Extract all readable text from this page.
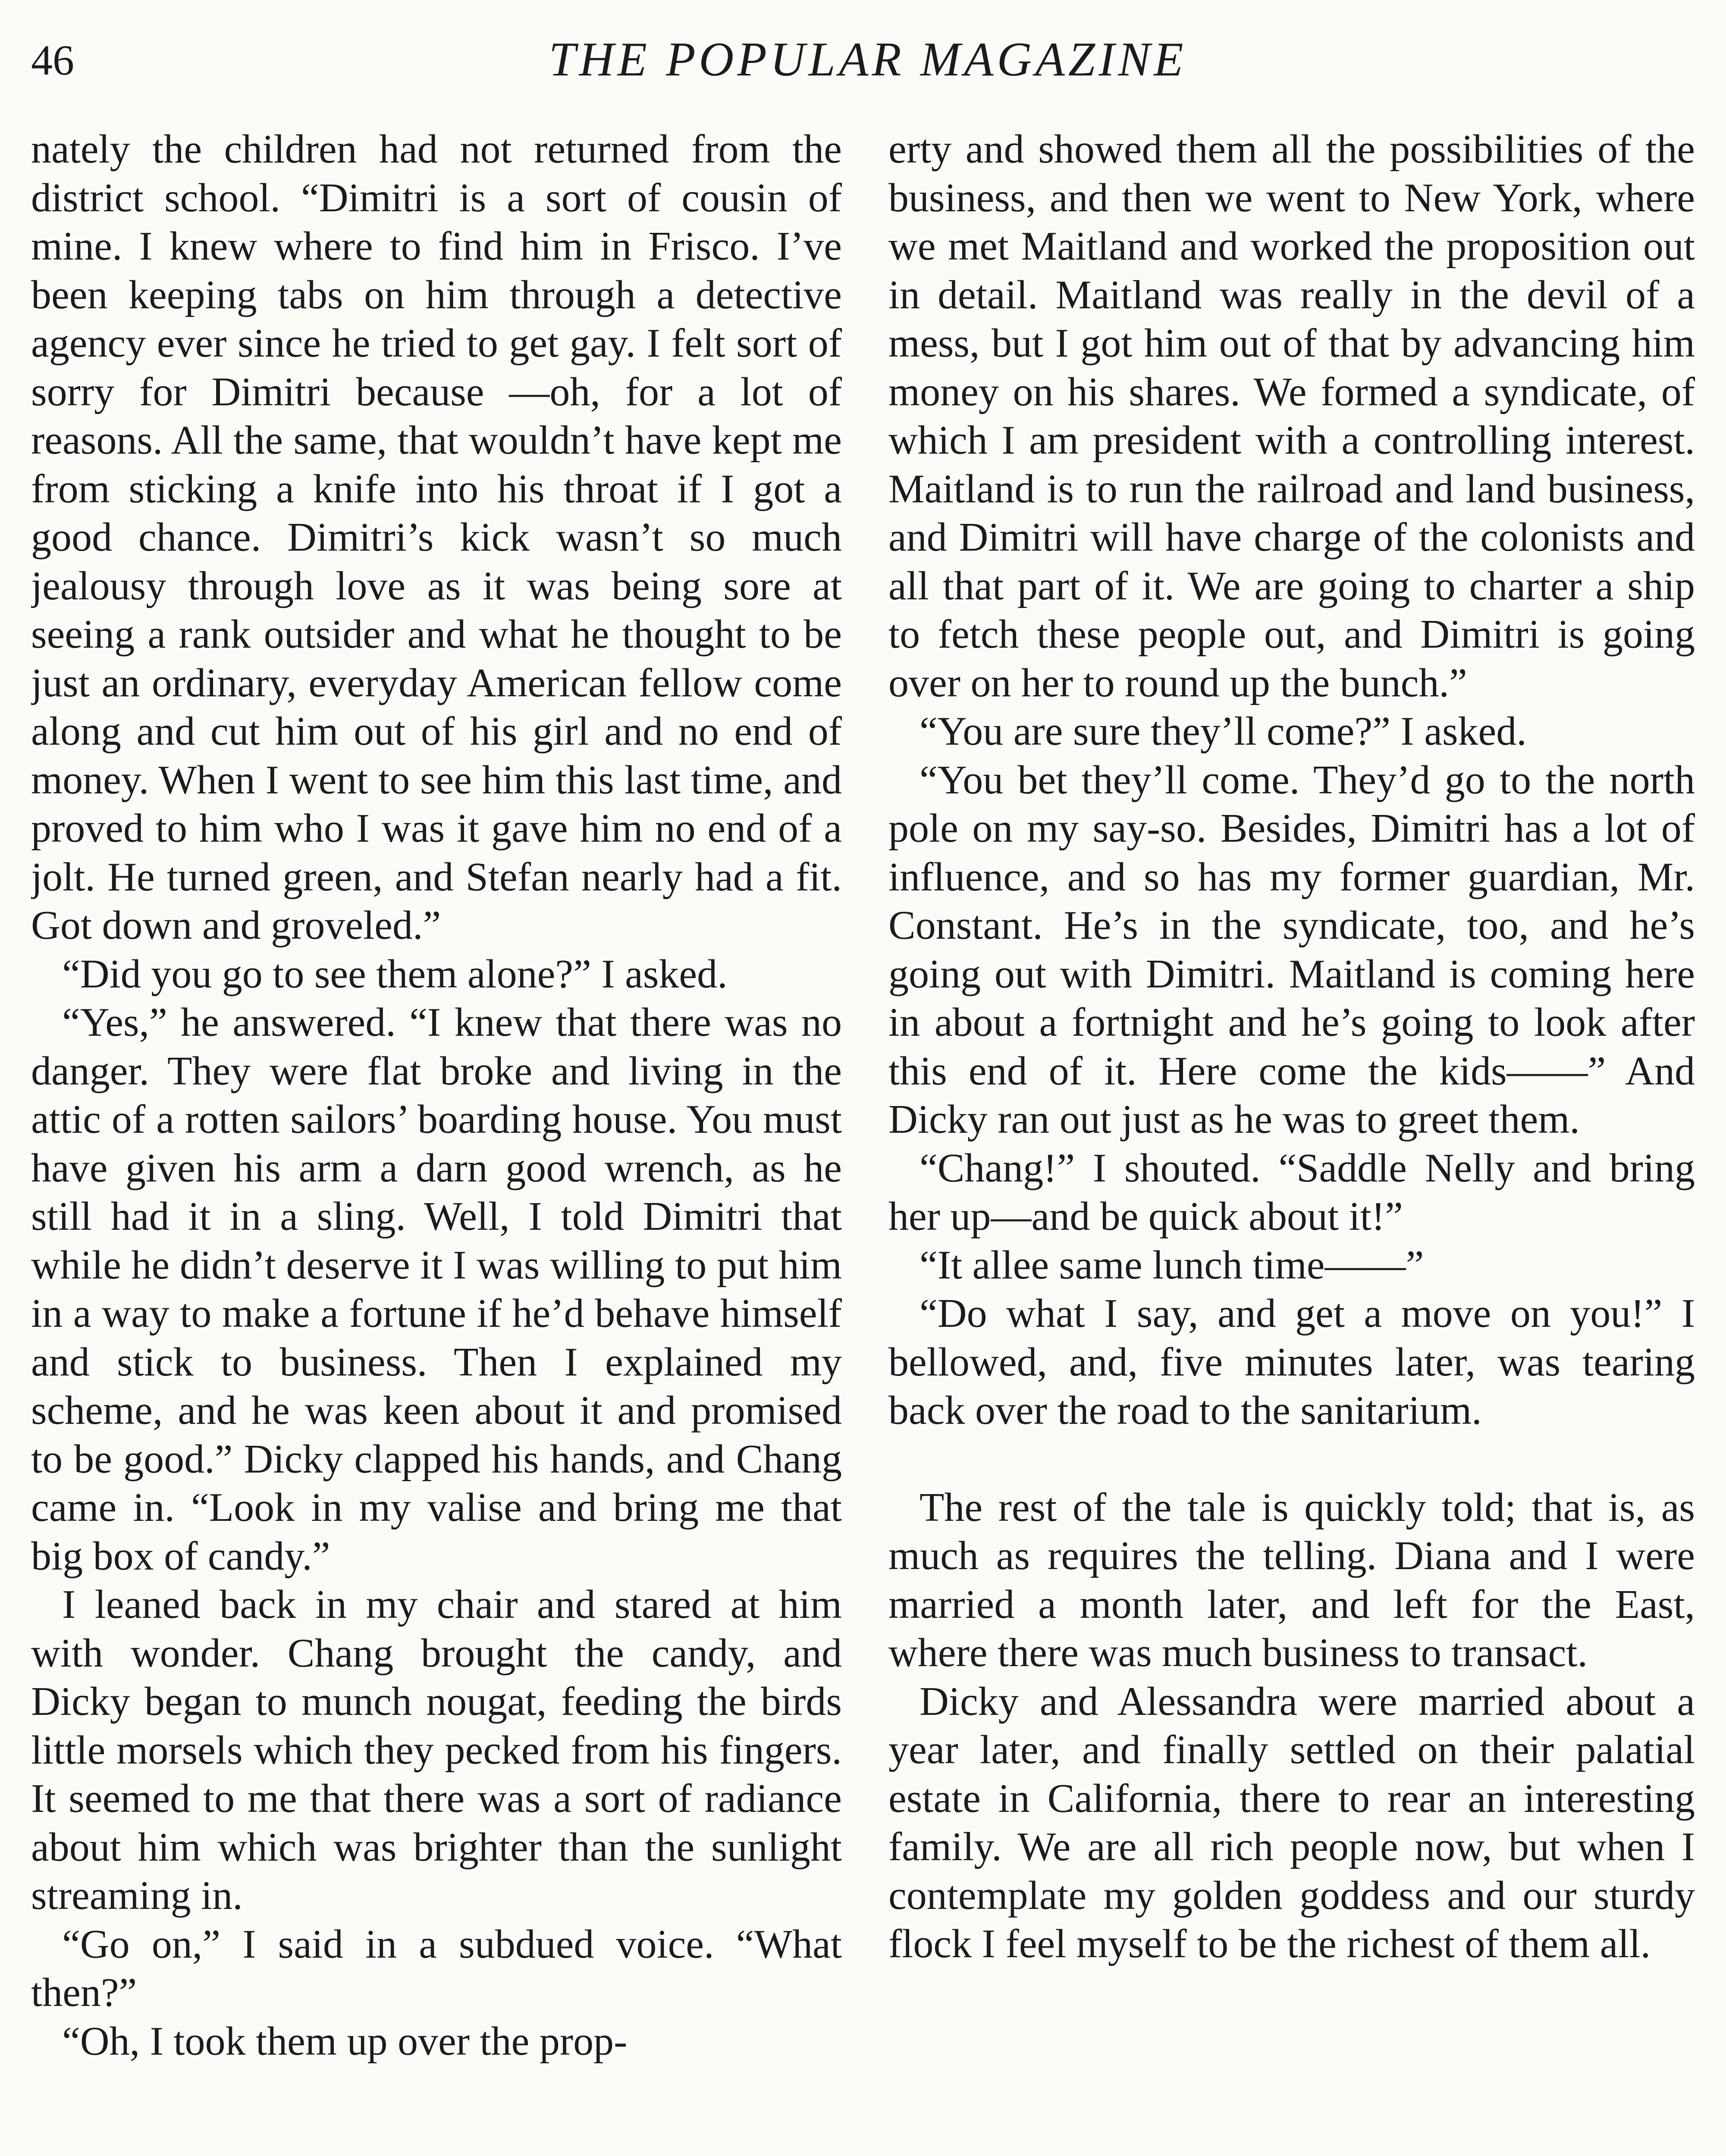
46	THE POPULAR MAGAZINE

nately the children had not returned from the district school. “Dimitri is a sort of cousin of mine. I knew where to find him in Frisco. I’ve been keeping tabs on him through a detective agency ever since he tried to get gay. I felt sort of sorry for Dimitri because —oh, for a lot of reasons. All the same, that wouldn’t have kept me from sticking a knife into his throat if I got a good chance. Dimitri’s kick wasn’t so much jealousy through love as it was being sore at seeing a rank outsider and what he thought to be just an ordinary, everyday American fellow come along and cut him out of his girl and no end of money. When I went to see him this last time, and proved to him who I was it gave him no end of a jolt. He turned green, and Stefan nearly had a fit. Got down and groveled.”

“Did you go to see them alone?” I asked.

“Yes,” he answered. “I knew that there was no danger. They were flat broke and living in the attic of a rotten sailors’ boarding house. You must have given his arm a darn good wrench, as he still had it in a sling. Well, I told Dimitri that while he didn’t deserve it I was willing to put him in a way to make a fortune if he’d behave himself and stick to business. Then I explained my scheme, and he was keen about it and promised to be good.” Dicky clapped his hands, and Chang came in. “Look in my valise and bring me that big box of candy.”

I leaned back in my chair and stared at him with wonder. Chang brought the candy, and Dicky began to munch nougat, feeding the birds little morsels which they pecked from his fingers. It seemed to me that there was a sort of radiance about him which was brighter than the sunlight streaming in.

“Go on,” I said in a subdued voice. “What then?”

“Oh, I took them up over the prop-

erty and showed them all the possibilities of the business, and then we went to New York, where we met Maitland and worked the proposition out in detail. Maitland was really in the devil of a mess, but I got him out of that by advancing him money on his shares. We formed a syndicate, of which I am president with a controlling interest. Maitland is to run the railroad and land business, and Dimitri will have charge of the colonists and all that part of it. We are going to charter a ship to fetch these people out, and Dimitri is going over on her to round up the bunch.”

“You are sure they’ll come?” I asked.

“You bet they’ll come. They’d go to the north pole on my say-so. Besides, Dimitri has a lot of influence, and so has my former guardian, Mr. Constant. He’s in the syndicate, too, and he’s going out with Dimitri. Maitland is coming here in about a fortnight and he’s going to look after this end of it. Here come the kids——” And Dicky ran out just as he was to greet them.

“Chang!” I shouted. “Saddle Nelly and bring her up—and be quick about it!”

“It allee same lunch time——”

“Do what I say, and get a move on you!” I bellowed, and, five minutes later, was tearing back over the road to the sanitarium.

The rest of the tale is quickly told; that is, as much as requires the telling. Diana and I were married a month later, and left for the East, where there was much business to transact.

Dicky and Alessandra were married about a year later, and finally settled on their palatial estate in California, there to rear an interesting family. We are all rich people now, but when I contemplate my golden goddess and our sturdy flock I feel myself to be the richest of them all.
